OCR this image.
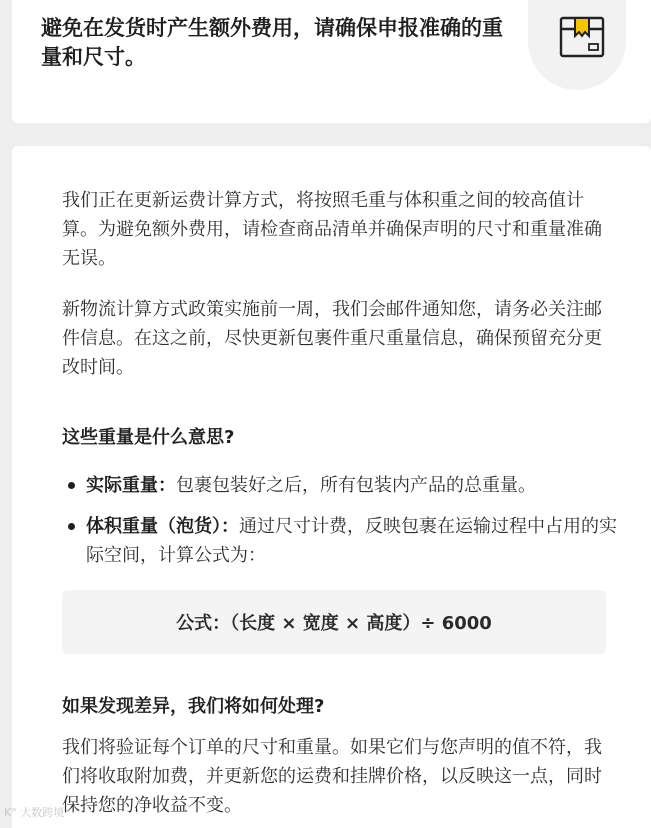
避免在发货时产生额外费用，请确保申报准确的重量和尺寸。

我们正在更新运费计算方式，将按照毛重与体积重之间的较高值计算。为避免额外费用，请检查商品清单并确保声明的尺寸和重量准确无误。

新物流计算方式政策实施前一周，我们会邮件通知您，请务必关注邮件信息。在这之前，尽快更新包裹件重尺重量信息，确保预留充分更改时间。

这些重量是什么意思?
实际重量：包裹包装好之后，所有包装内产品的总重量。
体积重量（泡货）：通过尺寸计费，反映包裹在运输过程中占用的实际空间，计算公式为：
公式：（长度 × 宽度 × 高度）÷ 6000
如果发现差异，我们将如何处理?

我们将验证每个订单的尺寸和重量。如果它们与您声明的值不符，我们将收取附加费，并更新您的运费和挂牌价格，以反映这一点，同时保持您的净收益不变。

K° 大数跨境
